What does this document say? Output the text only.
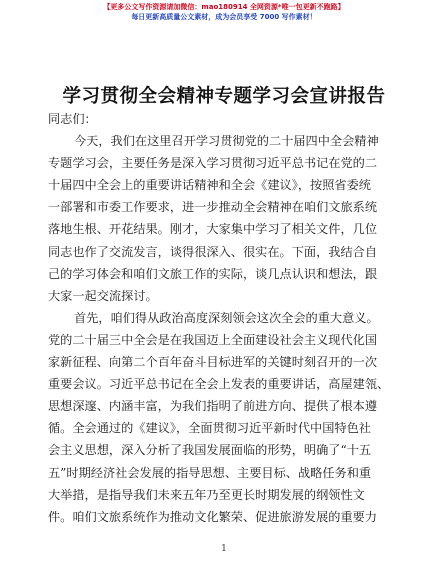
【更多公文写作资源请加微信：mao180914 全网资源*唯一包更新不跑路】
每日更新高质量公文素材，成为会员享受 7000 写作素材！
学习贯彻全会精神专题学习会宣讲报告
同志们：
今天，我们在这里召开学习贯彻党的二十届四中全会精神
专题学习会，主要任务是深入学习贯彻习近平总书记在党的二
十届四中全会上的重要讲话精神和全会《建议》，按照省委统
一部署和市委工作要求，进一步推动全会精神在咱们文旅系统
落地生根、开花结果。刚才，大家集中学习了相关文件，几位
同志也作了交流发言，谈得很深入、很实在。下面，我结合自
己的学习体会和咱们文旅工作的实际，谈几点认识和想法，跟
大家一起交流探讨。
首先，咱们得从政治高度深刻领会这次全会的重大意义。
党的二十届三中全会是在我国迈上全面建设社会主义现代化国
家新征程、向第二个百年奋斗目标进军的关键时刻召开的一次
重要会议。习近平总书记在全会上发表的重要讲话，高屋建瓴、
思想深邃、内涵丰富，为我们指明了前进方向、提供了根本遵
循。全会通过的《建议》，全面贯彻习近平新时代中国特色社
会主义思想，深入分析了我国发展面临的形势，明确了“十五
五”时期经济社会发展的指导思想、主要目标、战略任务和重
大举措，是指导我们未来五年乃至更长时期发展的纲领性文
件。咱们文旅系统作为推动文化繁荣、促进旅游发展的重要力
1
